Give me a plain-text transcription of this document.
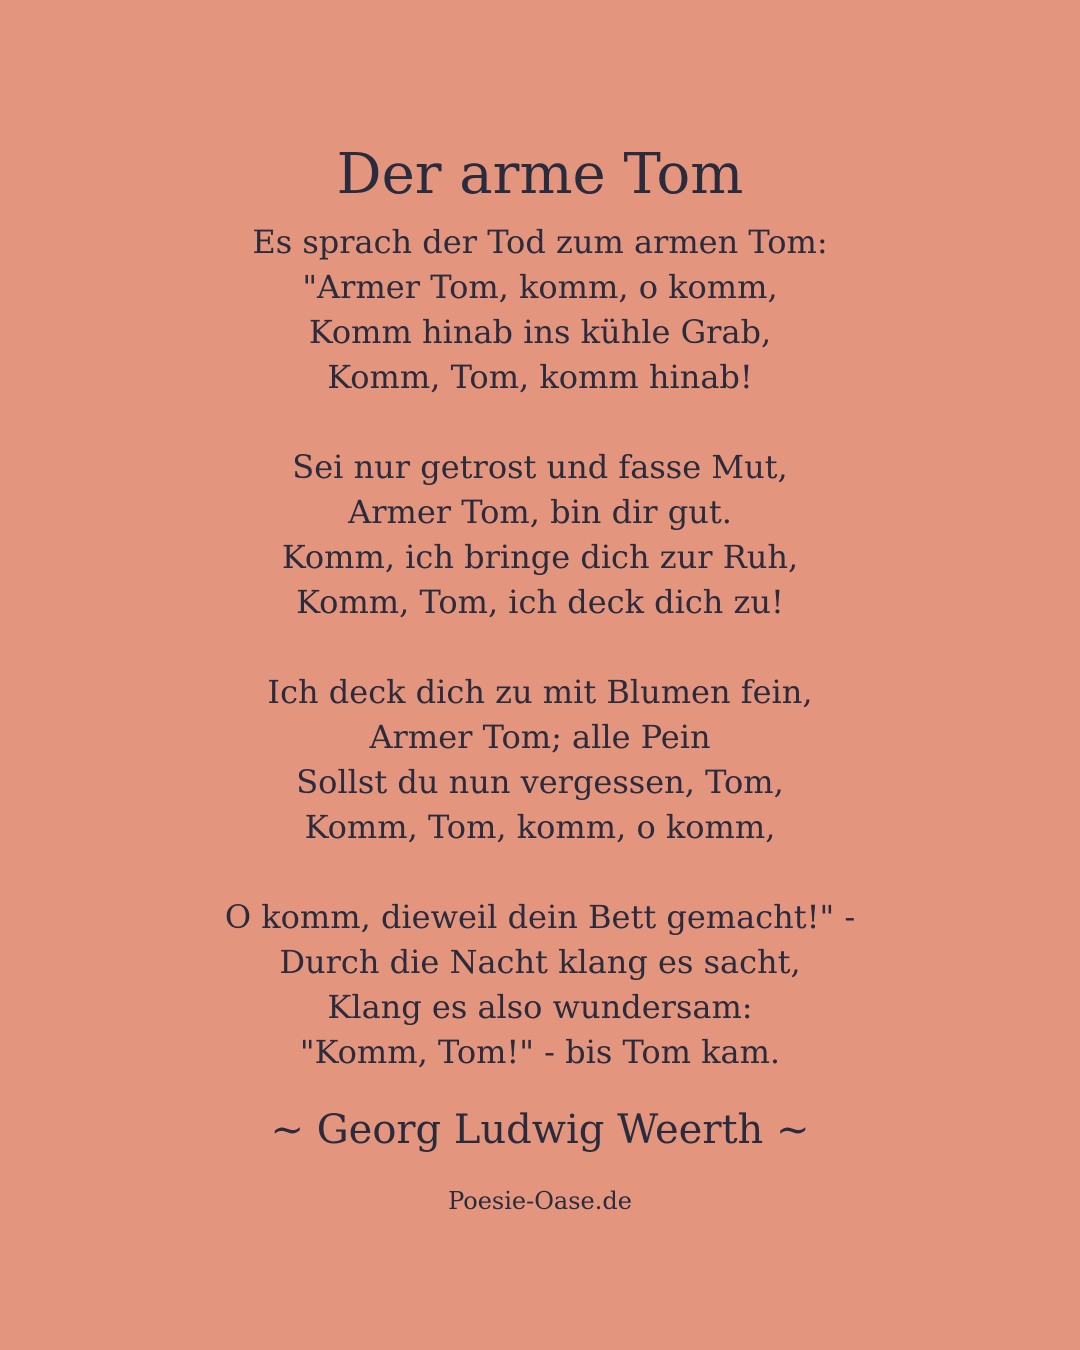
Der arme Tom
Es sprach der Tod zum armen Tom:
"Armer Tom, komm, o komm,
Komm hinab ins kühle Grab,
Komm, Tom, komm hinab!
Sei nur getrost und fasse Mut,
Armer Tom, bin dir gut.
Komm, ich bringe dich zur Ruh,
Komm, Tom, ich deck dich zu!
Ich deck dich zu mit Blumen fein,
Armer Tom; alle Pein
Sollst du nun vergessen, Tom,
Komm, Tom, komm, o komm,
O komm, dieweil dein Bett gemacht!" -
Durch die Nacht klang es sacht,
Klang es also wundersam:
"Komm, Tom!" - bis Tom kam.
~ Georg Ludwig Weerth ~
Poesie-Oase.de
